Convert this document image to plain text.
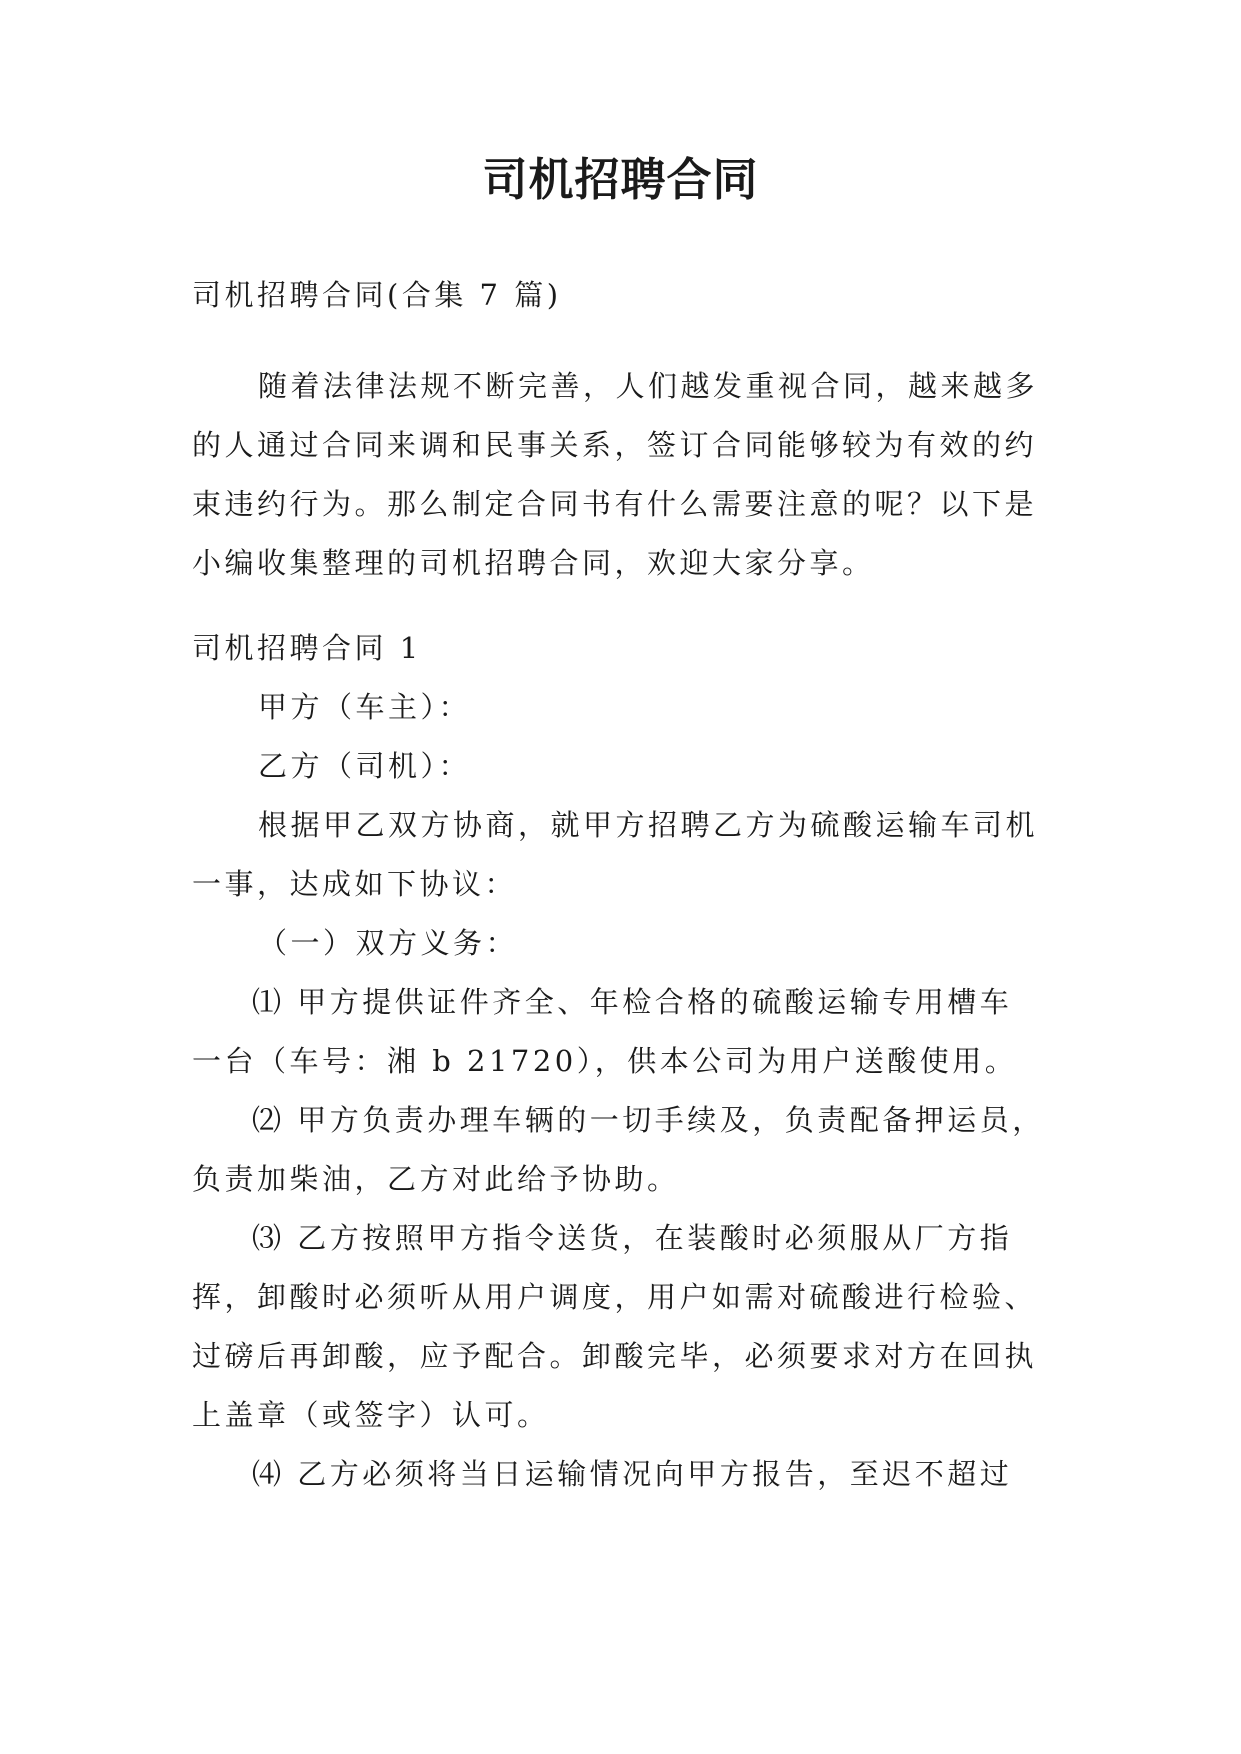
司机招聘合同
司机招聘合同(合集 7 篇)
随着法律法规不断完善，人们越发重视合同，越来越多
的人通过合同来调和民事关系，签订合同能够较为有效的约
束违约行为。那么制定合同书有什么需要注意的呢？以下是
小编收集整理的司机招聘合同，欢迎大家分享。
司机招聘合同 1
甲方（车主）：
乙方（司机）：
根据甲乙双方协商，就甲方招聘乙方为硫酸运输车司机
一事，达成如下协议：
（一）双方义务：
⑴ 甲方提供证件齐全、年检合格的硫酸运输专用槽车
一台（车号：湘 b 21720），供本公司为用户送酸使用。
⑵ 甲方负责办理车辆的一切手续及，负责配备押运员，
负责加柴油，乙方对此给予协助。
⑶ 乙方按照甲方指令送货，在装酸时必须服从厂方指
挥，卸酸时必须听从用户调度，用户如需对硫酸进行检验、
过磅后再卸酸，应予配合。卸酸完毕，必须要求对方在回执
上盖章（或签字）认可。
⑷ 乙方必须将当日运输情况向甲方报告，至迟不超过
